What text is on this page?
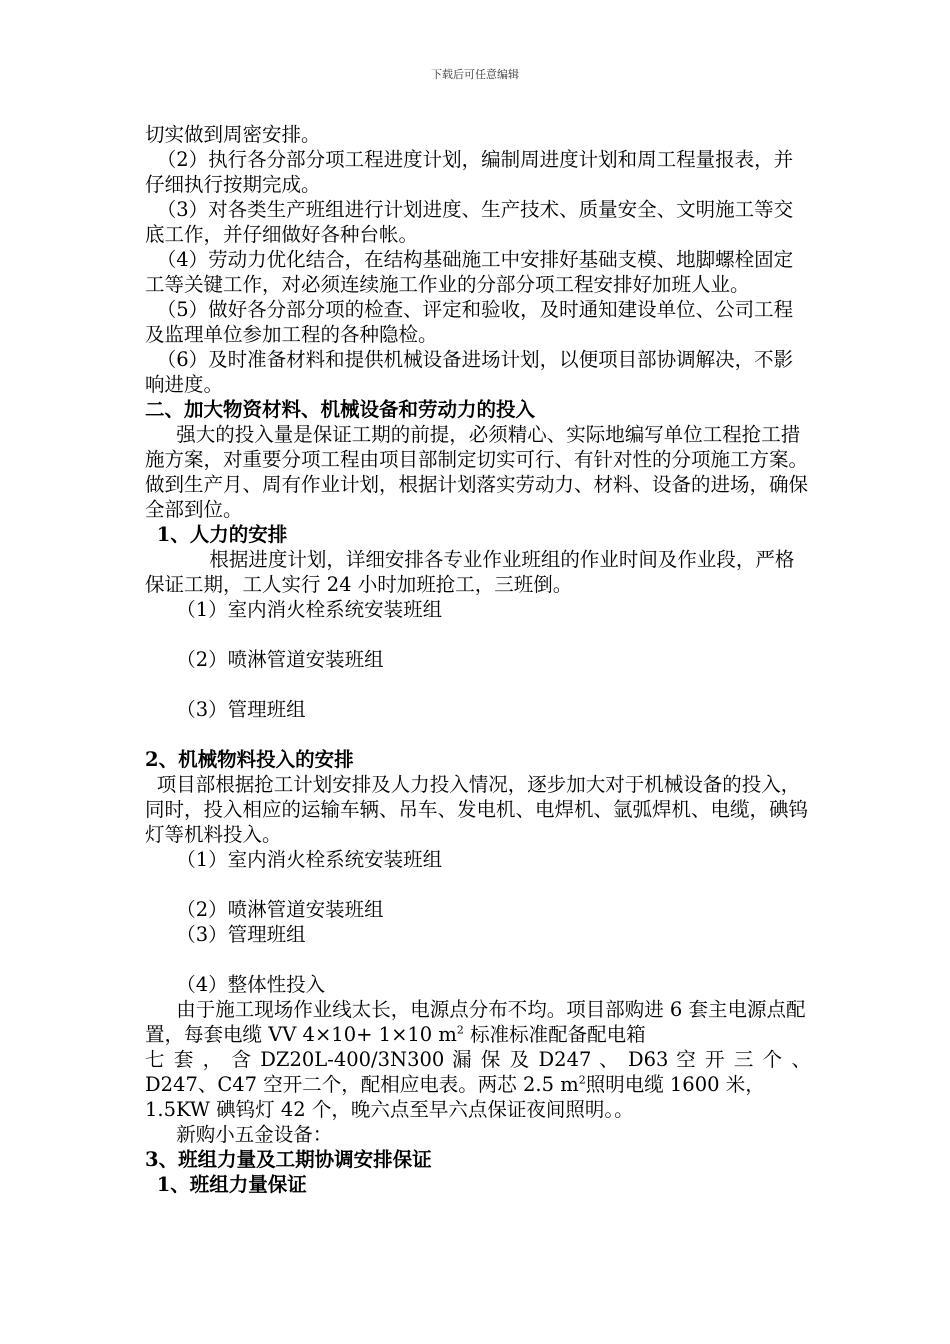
下载后可任意编辑

切实做到周密安排。

（2）执行各分部分项工程进度计划，编制周进度计划和周工程量报表，并仔细执行按期完成。

（3）对各类生产班组进行计划进度、生产技术、质量安全、文明施工等交底工作，并仔细做好各种台帐。

（4）劳动力优化结合，在结构基础施工中安排好基础支模、地脚螺栓固定工等关键工作，对必须连续施工作业的分部分项工程安排好加班人业。

（5）做好各分部分项的检查、评定和验收，及时通知建设单位、公司工程及监理单位参加工程的各种隐检。

（6）及时准备材料和提供机械设备进场计划，以便项目部协调解决，不影响进度。

二、加大物资材料、机械设备和劳动力的投入

强大的投入量是保证工期的前提，必须精心、实际地编写单位工程抢工措施方案，对重要分项工程由项目部制定切实可行、有针对性的分项施工方案。做到生产月、周有作业计划，根据计划落实劳动力、材料、设备的进场，确保全部到位。

1、人力的安排

根据进度计划，详细安排各专业作业班组的作业时间及作业段，严格保证工期，工人实行 24 小时加班抢工，三班倒。

（1）室内消火栓系统安装班组

（2）喷淋管道安装班组

（3）管理班组

2、机械物料投入的安排

项目部根据抢工计划安排及人力投入情况，逐步加大对于机械设备的投入，同时，投入相应的运输车辆、吊车、发电机、电焊机、氩弧焊机、电缆，碘钨灯等机料投入。

（1）室内消火栓系统安装班组

（2）喷淋管道安装班组

（3）管理班组

（4）整体性投入

由于施工现场作业线太长，电源点分布不均。项目部购进 6 套主电源点配置，每套电缆 VV 4×10+ 1×10 $m^2$ 标准标准配备配电箱

七 套 ， 含 DZ20L-400/3N300 漏 保 及 D247 、 D63 空 开 三 个 、

D247、C47 空开二个，配相应电表。两芯 2.5 $m^2$照明电缆 1600 米，

1.5KW 碘钨灯 42 个，晚六点至早六点保证夜间照明。。

新购小五金设备：

3、班组力量及工期协调安排保证

1、班组力量保证
